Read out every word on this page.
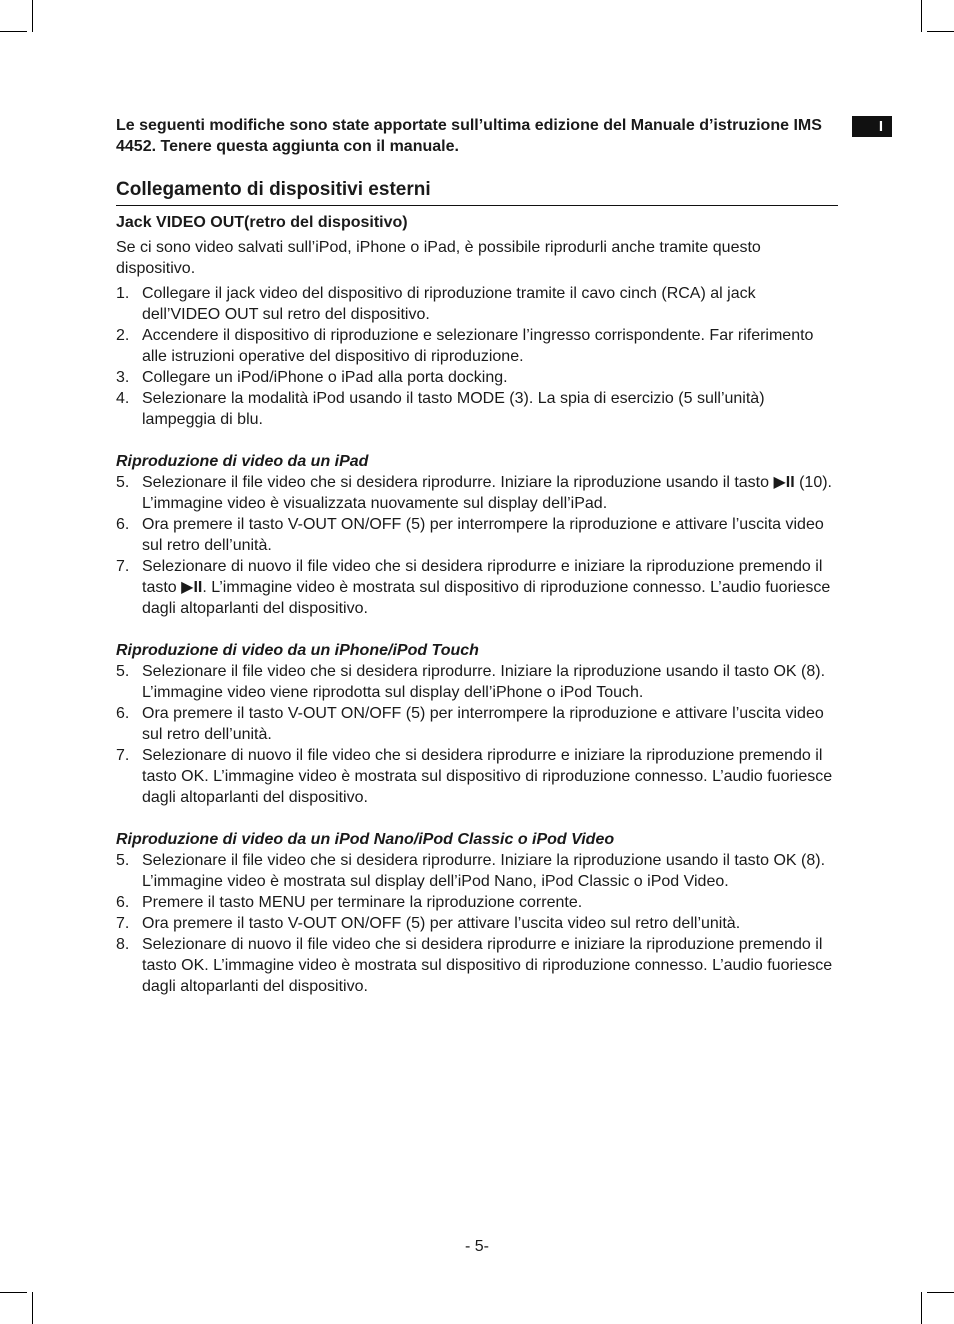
I

Le seguenti modifiche sono state apportate sull’ultima edizione del Manuale d’istruzione IMS 4452. Tenere questa aggiunta con il manuale.

Collegamento di dispositivi esterni
Jack VIDEO OUT(retro del dispositivo)

Se ci sono video salvati sull’iPod, iPhone o iPad, è possibile riprodurli anche tramite questo dispositivo.

1. Collegare il jack video del dispositivo di riproduzione tramite il cavo cinch (RCA) al jack dell’VIDEO OUT sul retro del dispositivo.
2. Accendere il dispositivo di riproduzione e selezionare l’ingresso corrispondente. Far riferimento alle istruzioni operative del dispositivo di riproduzione.
3. Collegare un iPod/iPhone o iPad alla porta docking.
4. Selezionare la modalità iPod usando il tasto MODE (3). La spia di esercizio (5 sull’unità) lampeggia di blu.
Riproduzione di video da un iPad
5. Selezionare il file video che si desidera riprodurre. Iniziare la riproduzione usando il tasto ▶II (10). L’immagine video è visualizzata nuovamente sul display dell’iPad.
6. Ora premere il tasto V-OUT ON/OFF (5) per interrompere la riproduzione e attivare l’uscita video sul retro dell’unità.
7. Selezionare di nuovo il file video che si desidera riprodurre e iniziare la riproduzione premendo il tasto ▶II. L’immagine video è mostrata sul dispositivo di riproduzione connesso. L’audio fuoriesce dagli altoparlanti del dispositivo.
Riproduzione di video da un iPhone/iPod Touch
5. Selezionare il file video che si desidera riprodurre. Iniziare la riproduzione usando il tasto OK (8). L’immagine video viene riprodotta sul display dell’iPhone o iPod Touch.
6. Ora premere il tasto V-OUT ON/OFF (5) per interrompere la riproduzione e attivare l’uscita video sul retro dell’unità.
7. Selezionare di nuovo il file video che si desidera riprodurre e iniziare la riproduzione premendo il tasto OK. L’immagine video è mostrata sul dispositivo di riproduzione connesso. L’audio fuoriesce dagli altoparlanti del dispositivo.
Riproduzione di video da un iPod Nano/iPod Classic o iPod Video
5. Selezionare il file video che si desidera riprodurre. Iniziare la riproduzione usando il tasto OK (8). L’immagine video è mostrata sul display dell’iPod Nano, iPod Classic o iPod Video.
6. Premere il tasto MENU per terminare la riproduzione corrente.
7. Ora premere il tasto V-OUT ON/OFF (5) per attivare l’uscita video sul retro dell’unità.
8. Selezionare di nuovo il file video che si desidera riprodurre e iniziare la riproduzione premendo il tasto OK. L’immagine video è mostrata sul dispositivo di riproduzione connesso. L’audio fuoriesce dagli altoparlanti del dispositivo.
- 5-
